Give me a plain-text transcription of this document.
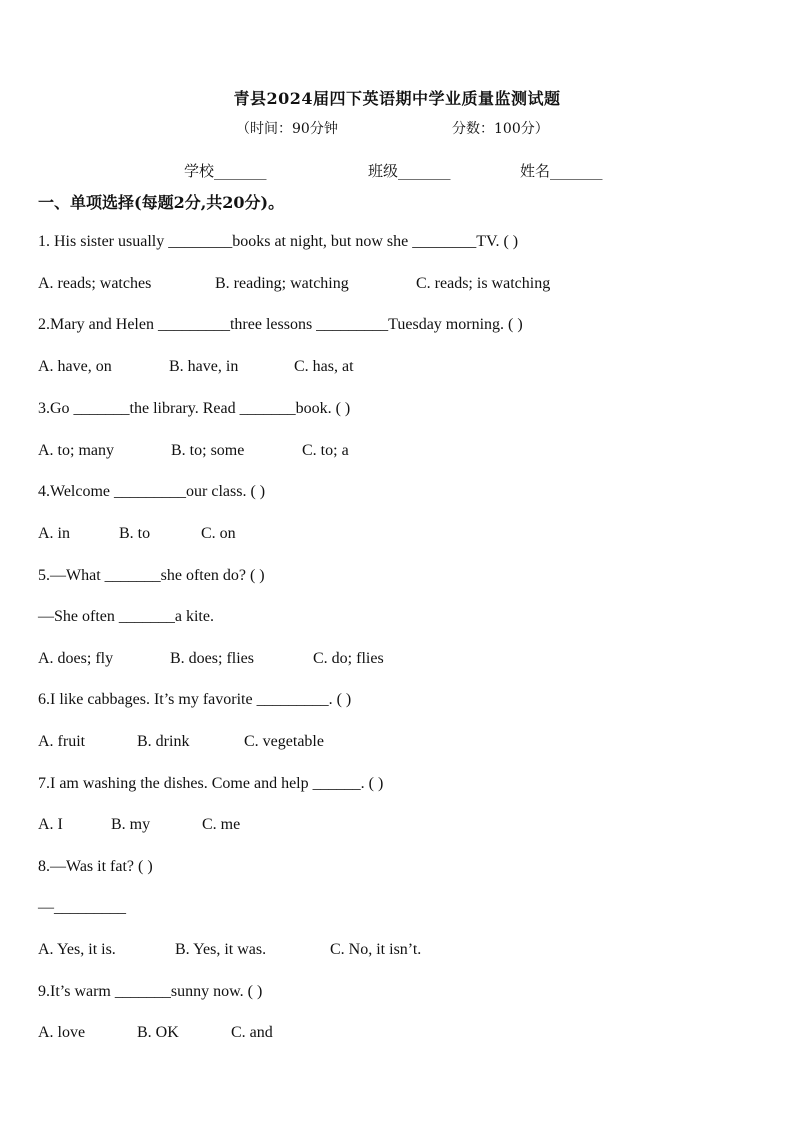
青县2024届四下英语期中学业质量监测试题
（时间：90分钟	分数：100分）
学校_______	班级_______	姓名_______
一、单项选择(每题2分,共20分)。
1. His sister usually ________books at night, but now she ________TV. ( )
A. reads; watches	B. reading; watching	C. reads; is watching
2.Mary and Helen _________three lessons _________Tuesday morning. ( )
A. have, on	B. have, in	C. has, at
3.Go _______the library. Read _______book. ( )
A. to; many	B. to; some	C. to; a
4.Welcome _________our class. ( )
A. in	B. to	C. on
5.—What _______she often do? ( )
—She often _______a kite.
A. does; fly	B. does; flies	C. do; flies
6.I like cabbages. It’s my favorite _________. ( )
A. fruit	B. drink	C. vegetable
7.I am washing the dishes. Come and help ______. ( )
A. I	B. my	C. me
8.—Was it fat? ( )
—_________
A. Yes, it is.	B. Yes, it was.	C. No, it isn’t.
9.It’s warm _______sunny now. ( )
A. love	B. OK	C. and
